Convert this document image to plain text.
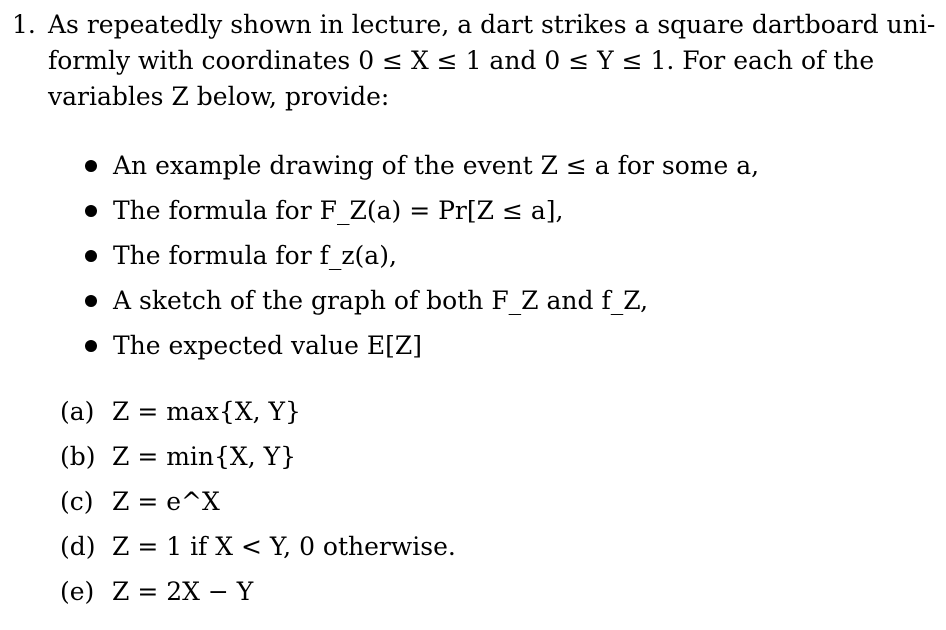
1. As repeatedly shown in lecture, a dart strikes a square dartboard uni-
formly with coordinates 0 ≤ X ≤ 1 and 0 ≤ Y ≤ 1. For each of the
variables Z below, provide:
An example drawing of the event Z ≤ a for some a,
The formula for F_Z(a) = Pr[Z ≤ a],
The formula for f_z(a),
A sketch of the graph of both F_Z and f_Z,
The expected value E[Z]
(a) Z = max{X, Y}
(b) Z = min{X, Y}
(c) Z = e^X
(d) Z = 1 if X < Y, 0 otherwise.
(e) Z = 2X − Y
